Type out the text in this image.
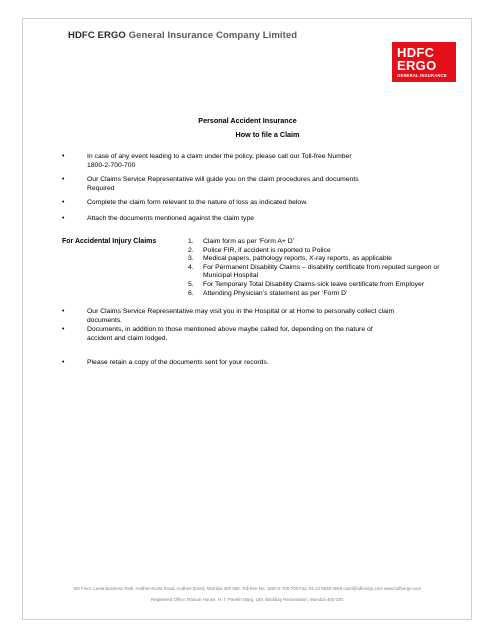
HDFC ERGO General Insurance Company Limited
HDFC
ERGO
GENERAL INSURANCE
Personal Accident Insurance
How to file a Claim
•	In case of any event leading to a claim under the policy, please call our Toll-free Number
1800-2-700-700
•	Our Claims Service Representative will guide you on the claim procedures and documents
Required
•	Complete the claim form relevant to the nature of loss as indicated below.
•	Attach the documents mentioned against the claim type
For Accidental Injury Claims	1. Claim form as per ‘Form A+ D’
2. Police FIR, if accident is reported to Police
3. Medical papers, pathology reports, X-ray reports, as applicable
4. For Permanent Disability Claims – disability certificate from reputed surgeon or
Municipal Hospital
5. For Temporary Total Disability Claims-sick leave certificate from Employer
6. Attending Physician’s statement as per ‘Form D’
•	Our Claims Service Representative may visit you in the Hospital or at Home to personally collect claim
documents.
•	Documents, in addition to those mentioned above maybe called for, depending on the nature of
accident and claim lodged.
•	Please retain a copy of the documents sent for your records.
6th Floor, Leela Business Park, Andheri-Kurla Road, Andheri (East), Mumbai 400 059. Toll-free No. 1800-2-700-700 Fax: 91 22 6638 3699 care@hdfcergo.com www.hdfcergo.com
Registered Office: Ramon House, H. T. Parekh Marg, 169, Backbay Reclamation, Mumbai 400 020.
